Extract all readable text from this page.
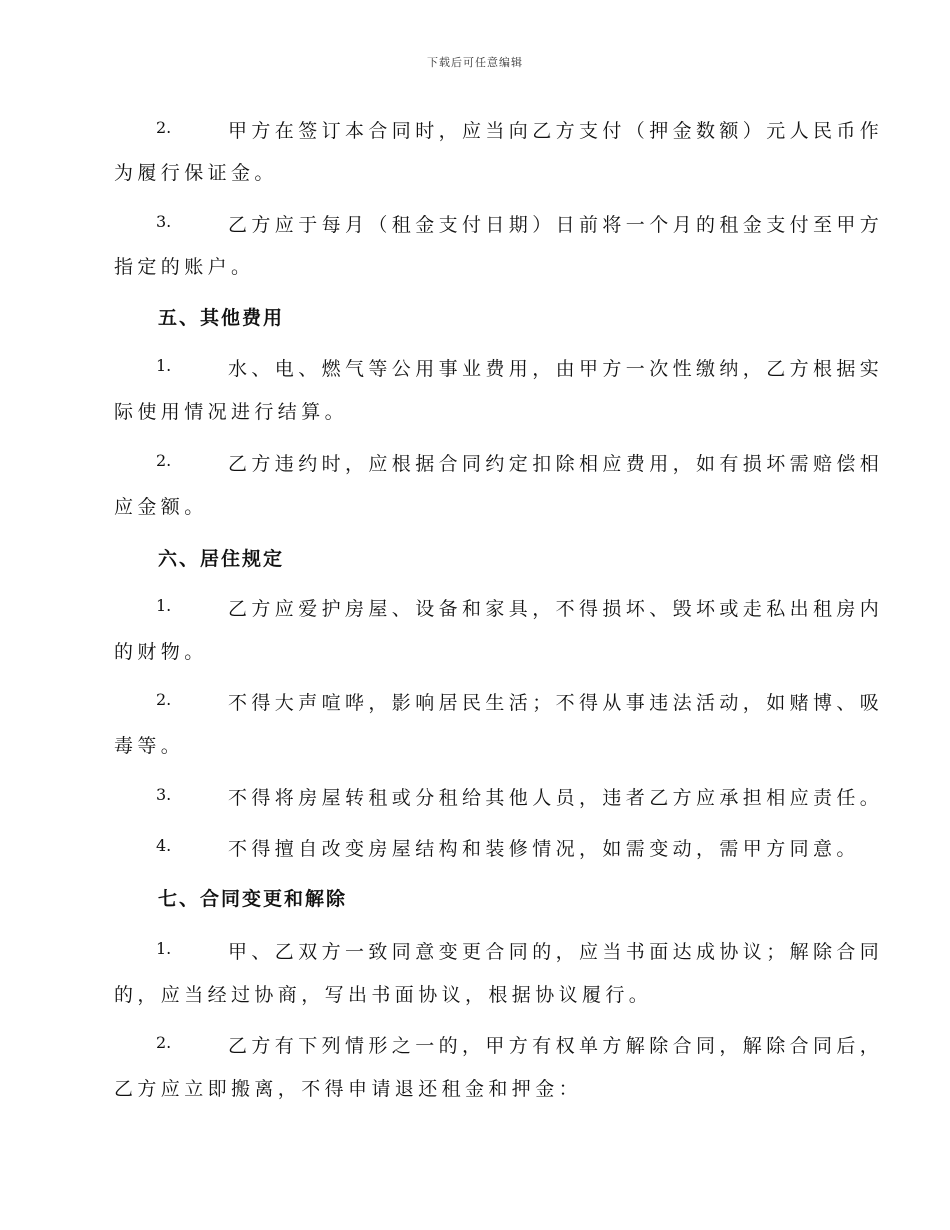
下载后可任意编辑
2.	甲方在签订本合同时，应当向乙方支付（押金数额）元人民币作
为履行保证金。
3.	乙方应于每月（租金支付日期）日前将一个月的租金支付至甲方
指定的账户。
五、其他费用
1.	水、电、燃气等公用事业费用，由甲方一次性缴纳，乙方根据实
际使用情况进行结算。
2.	乙方违约时，应根据合同约定扣除相应费用，如有损坏需赔偿相
应金额。
六、居住规定
1.	乙方应爱护房屋、设备和家具，不得损坏、毁坏或走私出租房内
的财物。
2.	不得大声喧哗，影响居民生活；不得从事违法活动，如赌博、吸
毒等。
3.	不得将房屋转租或分租给其他人员，违者乙方应承担相应责任。
4.	不得擅自改变房屋结构和装修情况，如需变动，需甲方同意。
七、合同变更和解除
1.	甲、乙双方一致同意变更合同的，应当书面达成协议；解除合同
的，应当经过协商，写出书面协议，根据协议履行。
2.	乙方有下列情形之一的，甲方有权单方解除合同，解除合同后，
乙方应立即搬离，不得申请退还租金和押金：
